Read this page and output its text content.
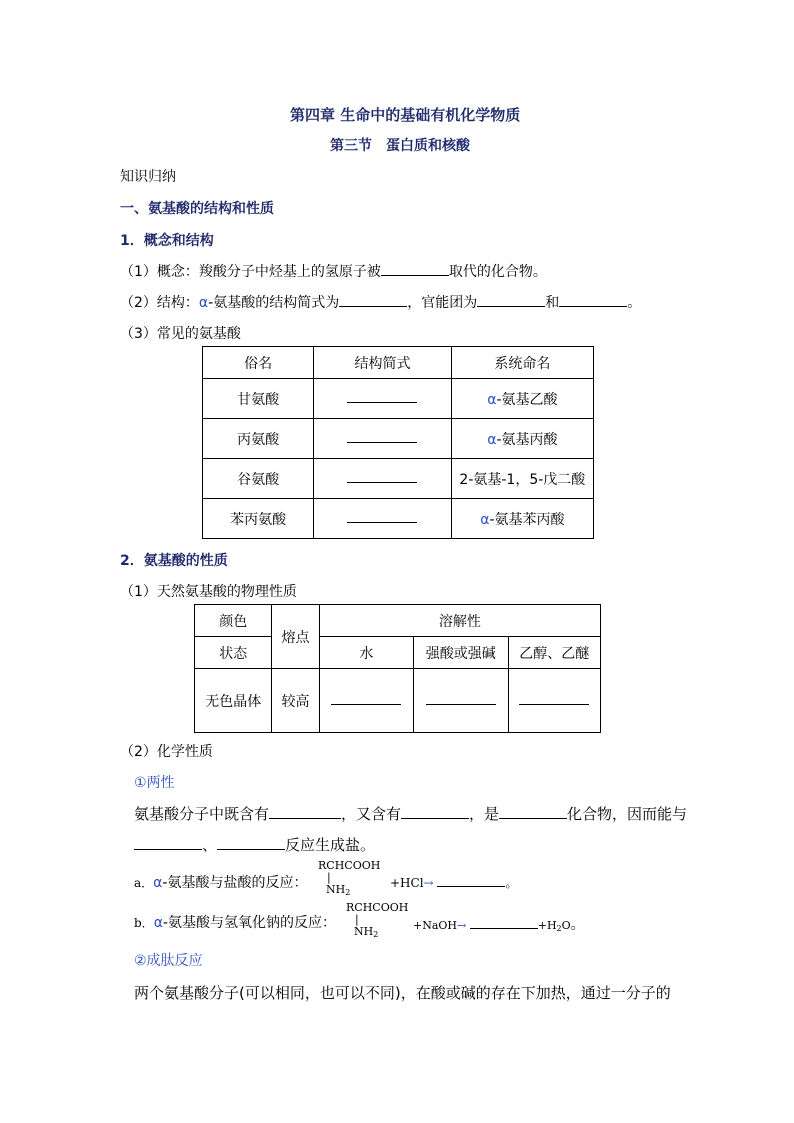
第四章 生命中的基础有机化学物质
第三节　蛋白质和核酸
知识归纳
一、氨基酸的结构和性质
1．概念和结构
（1）概念：羧酸分子中烃基上的氢原子被	取代的化合物。
（2）结构：α-氨基酸的结构简式为	，官能团为	和	。
（3）常见的氨基酸
俗名	结构简式	系统命名
甘氨酸		α-氨基乙酸
丙氨酸		α-氨基丙酸
谷氨酸		2-氨基-1，5-戊二酸
苯丙氨酸		α-氨基苯丙酸
2．氨基酸的性质
（1）天然氨基酸的物理性质
颜色	熔点	溶解性		
状态		水	强酸或强碱	乙醇、乙醚
无色晶体	较高			
（2）化学性质
①两性
氨基酸分子中既含有	，又含有	，是	化合物，因而能与
、	反应生成盐。
a．α-氨基酸与盐酸的反应：
RCHCOOH
|
$NH_2$
+HCl→	。
b．α-氨基酸与氢氧化钠的反应：
RCHCOOH
|
$NH_2$
+NaOH→	$+H_2O$。
②成肽反应
两个氨基酸分子(可以相同，也可以不同)，在酸或碱的存在下加热，通过一分子的
